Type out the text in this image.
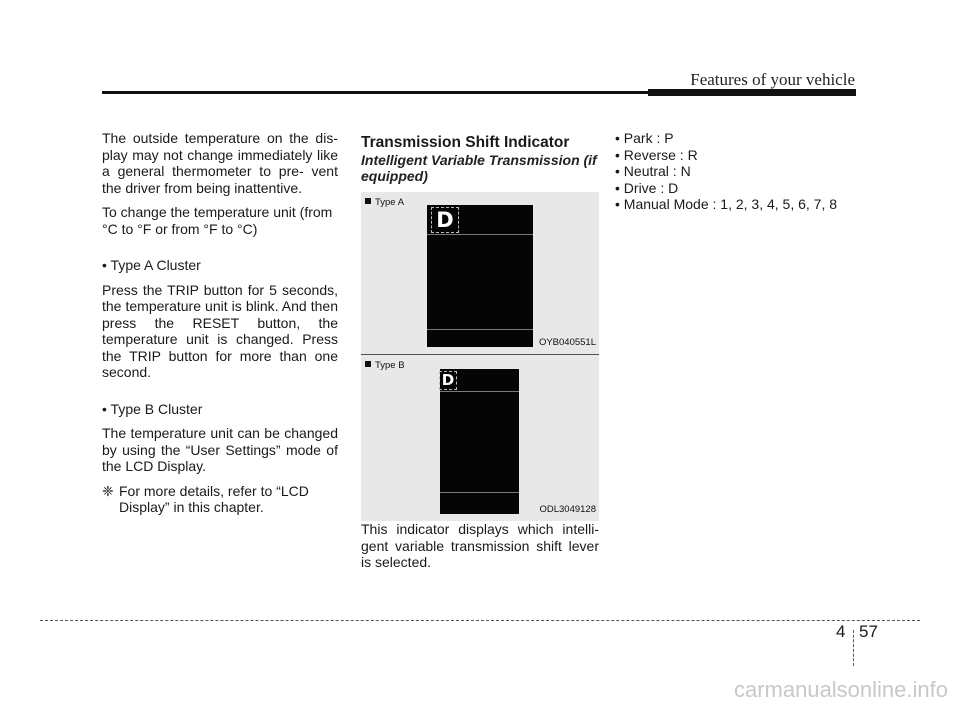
Features of your vehicle

The outside temperature on the dis- play may not change immediately like a general thermometer to pre- vent the driver from being inattentive.

To change the temperature unit (from °C to °F or from °F to °C)

• Type A Cluster

Press the TRIP button for 5 seconds, the temperature unit is blink. And then press the RESET button, the temperature unit is changed. Press the TRIP button for more than one second.

• Type B Cluster

The temperature unit can be changed by using the “User Settings” mode of the LCD Display.

❈ For more details, refer to “LCD Display” in this chapter.
Transmission Shift Indicator

Intelligent Variable Transmission (if equipped)

Type A
D
OYB040551L
Type B
D
ODL3049128

This indicator displays which intelli- gent variable transmission shift lever is selected.

• Park : P

• Reverse : R

• Neutral : N

• Drive : D

• Manual Mode : 1, 2, 3, 4, 5, 6, 7, 8

4 57
carmanualsonline.info
